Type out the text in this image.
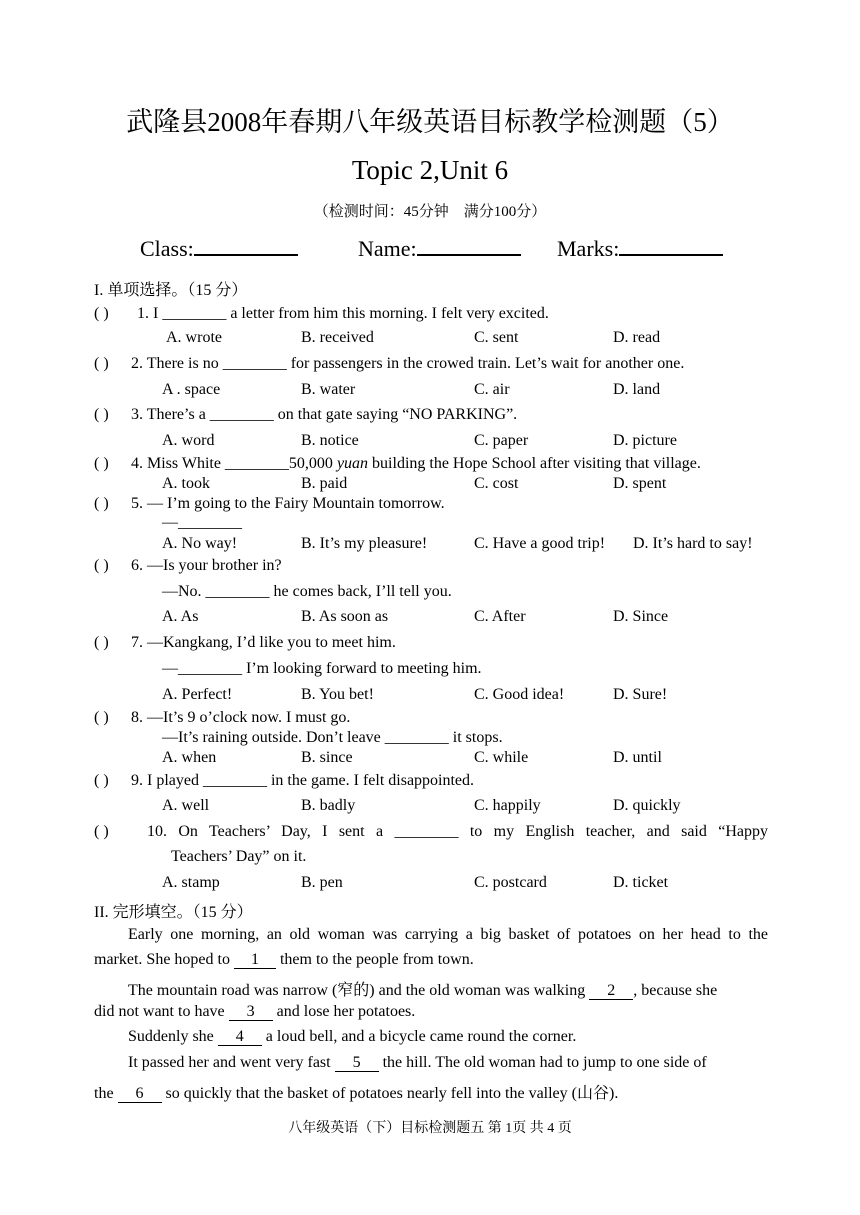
武隆县2008年春期八年级英语目标教学检测题（5）
Topic 2,Unit 6
（检测时间：45分钟　满分100分）
Class:	Name:	Marks:
I. 单项选择。（15 分）
( ) 1. I ________ a letter from him this morning. I felt very excited.
A. wrote	B. received	C. sent	D. read
( ) 2. There is no ________ for passengers in the crowed train. Let’s wait for another one.
A . space	B. water	C. air	D. land
( ) 3. There’s a ________ on that gate saying “NO PARKING”.
A. word	B. notice	C. paper	D. picture
( ) 4. Miss White ________50,000 yuan building the Hope School after visiting that village.
A. took	B. paid	C. cost	D. spent
( ) 5. — I’m going to the Fairy Mountain tomorrow.
—________
A. No way!	B. It’s my pleasure!	C. Have a good trip! D. It’s hard to say!
( ) 6. —Is your brother in?
—No. ________ he comes back, I’ll tell you.
A. As	B. As soon as	C. After	D. Since
( ) 7. —Kangkang, I’d like you to meet him.
—________ I’m looking forward to meeting him.
A. Perfect!	B. You bet!	C. Good idea!	D. Sure!
( ) 8. —It’s 9 o’clock now. I must go.
—It’s raining outside. Don’t leave ________ it stops.
A. when	B. since	C. while	D. until
( ) 9. I played ________ in the game. I felt disappointed.
A. well	B. badly	C. happily	D. quickly
( ) 10. On Teachers’ Day, I sent a ________ to my English teacher, and said “Happy
Teachers’ Day” on it.
A. stamp	B. pen	C. postcard	D. ticket
II. 完形填空。（15 分）
Early one morning, an old woman was carrying a big basket of potatoes on her head to the
market. She hoped to 1 them to the people from town.
The mountain road was narrow (窄的) and the old woman was walking 2 , because she
did not want to have 3 and lose her potatoes.
Suddenly she 4 a loud bell, and a bicycle came round the corner.
It passed her and went very fast 5 the hill. The old woman had to jump to one side of
the 6 so quickly that the basket of potatoes nearly fell into the valley (山谷).
八年级英语（下）目标检测题五 第 1页 共 4 页
